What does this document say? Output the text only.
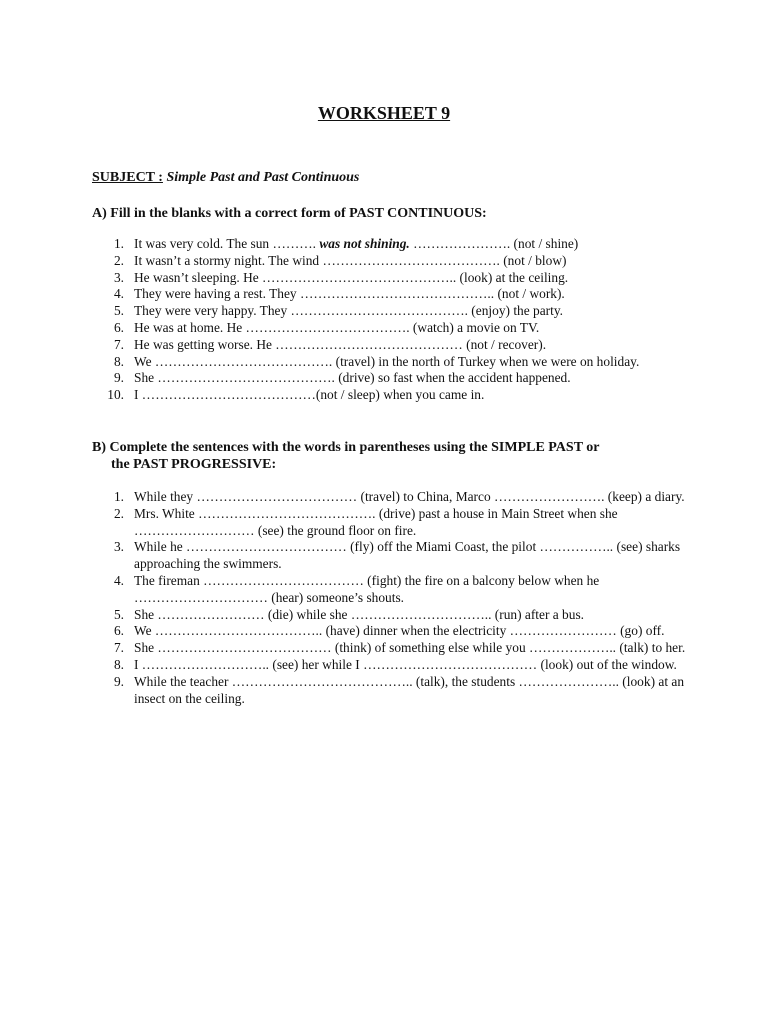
WORKSHEET 9
SUBJECT : Simple Past and Past Continuous
A) Fill in the blanks with a correct form of PAST CONTINUOUS:
1. It was very cold. The sun ………. was not shining. …………………. (not / shine)
2. It wasn’t a stormy night. The wind …………………………………. (not / blow)
3. He wasn’t sleeping. He …………………………………….. (look) at the ceiling.
4. They were having a rest. They …………………………………….. (not / work).
5. They were very happy. They …………………………………. (enjoy) the party.
6. He was at home. He ………………………………. (watch) a movie on TV.
7. He was getting worse. He …………………………………… (not / recover).
8. We …………………………………. (travel) in the north of Turkey when we were on holiday.
9. She …………………………………. (drive) so fast when the accident happened.
10. I …………………………………(not / sleep) when you came in.
B) Complete the sentences with the words in parentheses using the SIMPLE PAST or
the PAST PROGRESSIVE:
1. While they ……………………………… (travel) to China, Marco ……………………. (keep) a diary.
2. Mrs. White …………………………………. (drive) past a house in Main Street when she ……………………… (see) the ground floor on fire.
3. While he ……………………………… (fly) off the Miami Coast, the pilot …………….. (see) sharks approaching the swimmers.
4. The fireman ……………………………… (fight) the fire on a balcony below when he ………………………… (hear) someone’s shouts.
5. She …………………… (die) while she ………………………….. (run) after a bus.
6. We ……………………………….. (have) dinner when the electricity …………………… (go) off.
7. She ………………………………… (think) of something else while you ……………….. (talk) to her.
8. I ……………………….. (see) her while I ………………………………… (look) out of the window.
9. While the teacher ………………………………….. (talk), the students ………………….. (look) at an insect on the ceiling.
